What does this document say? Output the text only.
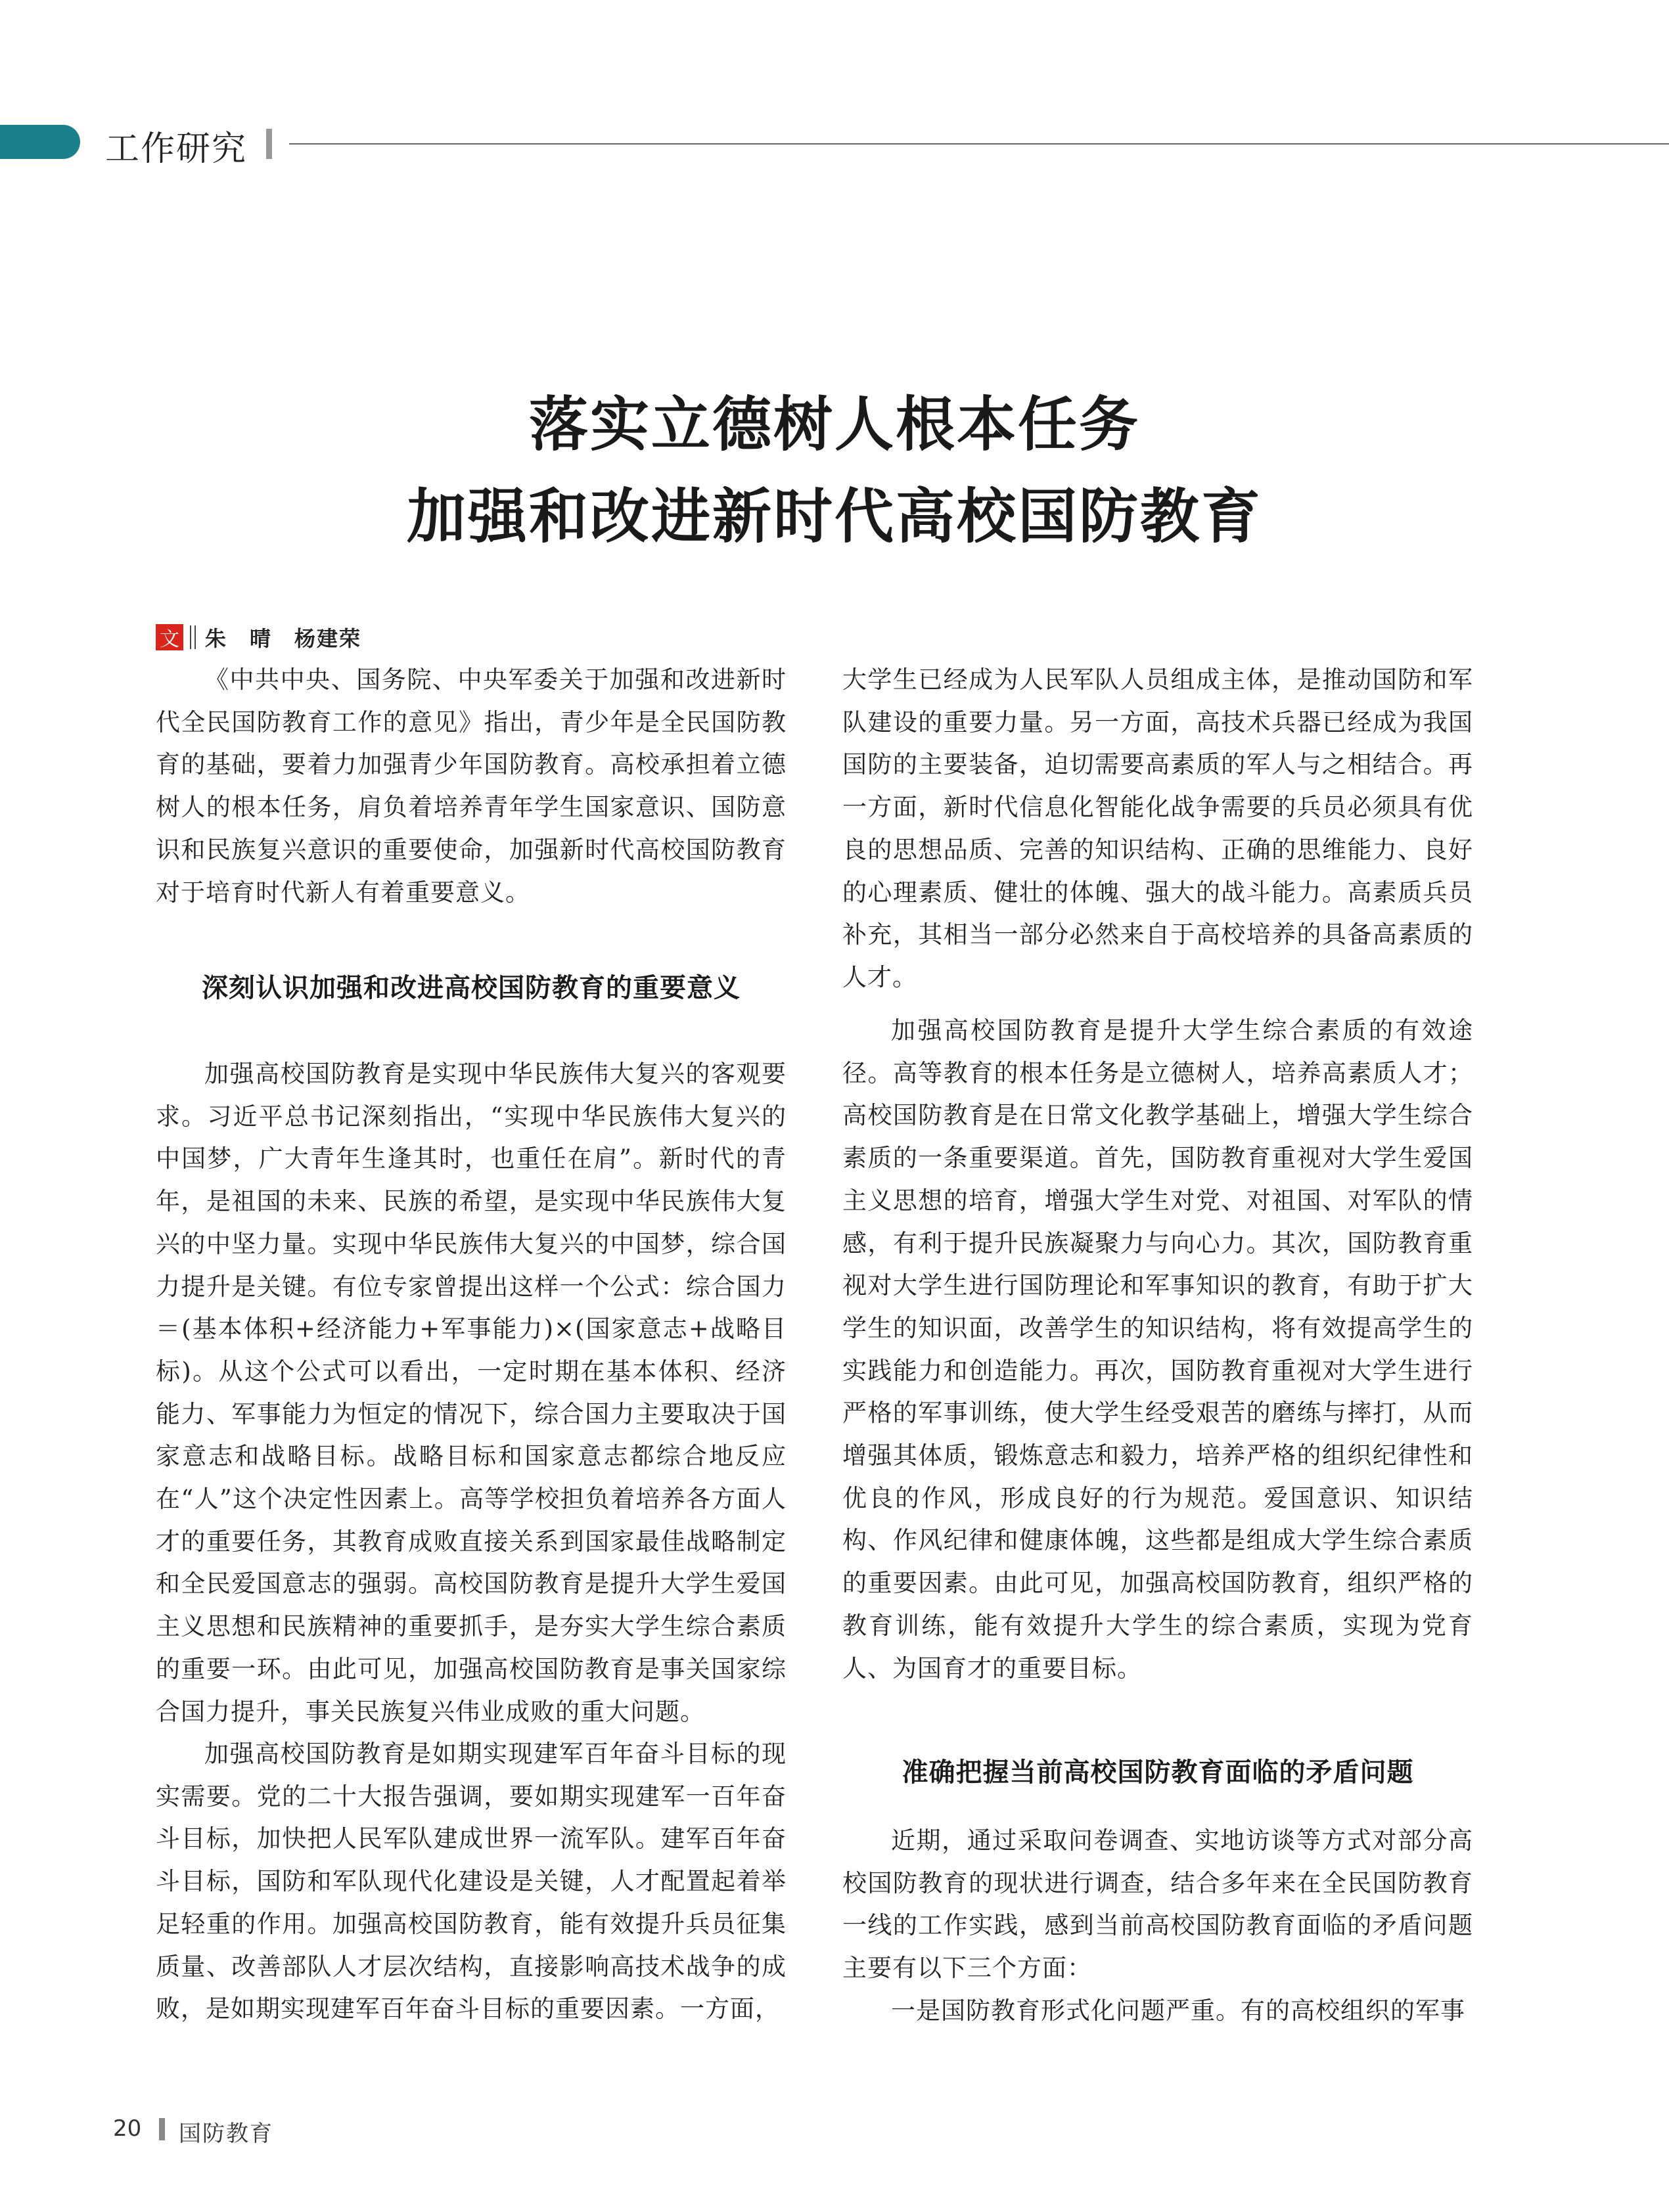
工作研究
落实立德树人根本任务
加强和改进新时代高校国防教育
文 朱　晴　杨建荣

《中共中央、国务院、中央军委关于加强和改进新时代全民国防教育工作的意见》指出，青少年是全民国防教育的基础，要着力加强青少年国防教育。高校承担着立德树人的根本任务，肩负着培养青年学生国家意识、国防意识和民族复兴意识的重要使命，加强新时代高校国防教育对于培育时代新人有着重要意义。

深刻认识加强和改进高校国防教育的重要意义

加强高校国防教育是实现中华民族伟大复兴的客观要求。习近平总书记深刻指出，“实现中华民族伟大复兴的中国梦，广大青年生逢其时，也重任在肩”。新时代的青年，是祖国的未来、民族的希望，是实现中华民族伟大复兴的中坚力量。实现中华民族伟大复兴的中国梦，综合国力提升是关键。有位专家曾提出这样一个公式：综合国力＝(基本体积+经济能力+军事能力)×(国家意志+战略目标)。从这个公式可以看出，一定时期在基本体积、经济能力、军事能力为恒定的情况下，综合国力主要取决于国家意志和战略目标。战略目标和国家意志都综合地反应在“人”这个决定性因素上。高等学校担负着培养各方面人才的重要任务，其教育成败直接关系到国家最佳战略制定和全民爱国意志的强弱。高校国防教育是提升大学生爱国主义思想和民族精神的重要抓手，是夯实大学生综合素质的重要一环。由此可见，加强高校国防教育是事关国家综合国力提升，事关民族复兴伟业成败的重大问题。

加强高校国防教育是如期实现建军百年奋斗目标的现实需要。党的二十大报告强调，要如期实现建军一百年奋斗目标，加快把人民军队建成世界一流军队。建军百年奋斗目标，国防和军队现代化建设是关键，人才配置起着举足轻重的作用。加强高校国防教育，能有效提升兵员征集质量、改善部队人才层次结构，直接影响高技术战争的成败，是如期实现建军百年奋斗目标的重要因素。一方面，

大学生已经成为人民军队人员组成主体，是推动国防和军队建设的重要力量。另一方面，高技术兵器已经成为我国国防的主要装备，迫切需要高素质的军人与之相结合。再一方面，新时代信息化智能化战争需要的兵员必须具有优良的思想品质、完善的知识结构、正确的思维能力、良好的心理素质、健壮的体魄、强大的战斗能力。高素质兵员补充，其相当一部分必然来自于高校培养的具备高素质的人才。

加强高校国防教育是提升大学生综合素质的有效途径。高等教育的根本任务是立德树人，培养高素质人才；高校国防教育是在日常文化教学基础上，增强大学生综合素质的一条重要渠道。首先，国防教育重视对大学生爱国主义思想的培育，增强大学生对党、对祖国、对军队的情感，有利于提升民族凝聚力与向心力。其次，国防教育重视对大学生进行国防理论和军事知识的教育，有助于扩大学生的知识面，改善学生的知识结构，将有效提高学生的实践能力和创造能力。再次，国防教育重视对大学生进行严格的军事训练，使大学生经受艰苦的磨练与摔打，从而增强其体质，锻炼意志和毅力，培养严格的组织纪律性和优良的作风，形成良好的行为规范。爱国意识、知识结构、作风纪律和健康体魄，这些都是组成大学生综合素质的重要因素。由此可见，加强高校国防教育，组织严格的教育训练，能有效提升大学生的综合素质，实现为党育人、为国育才的重要目标。

准确把握当前高校国防教育面临的矛盾问题

近期，通过采取问卷调查、实地访谈等方式对部分高校国防教育的现状进行调查，结合多年来在全民国防教育一线的工作实践，感到当前高校国防教育面临的矛盾问题主要有以下三个方面：

一是国防教育形式化问题严重。有的高校组织的军事

20 国防教育
